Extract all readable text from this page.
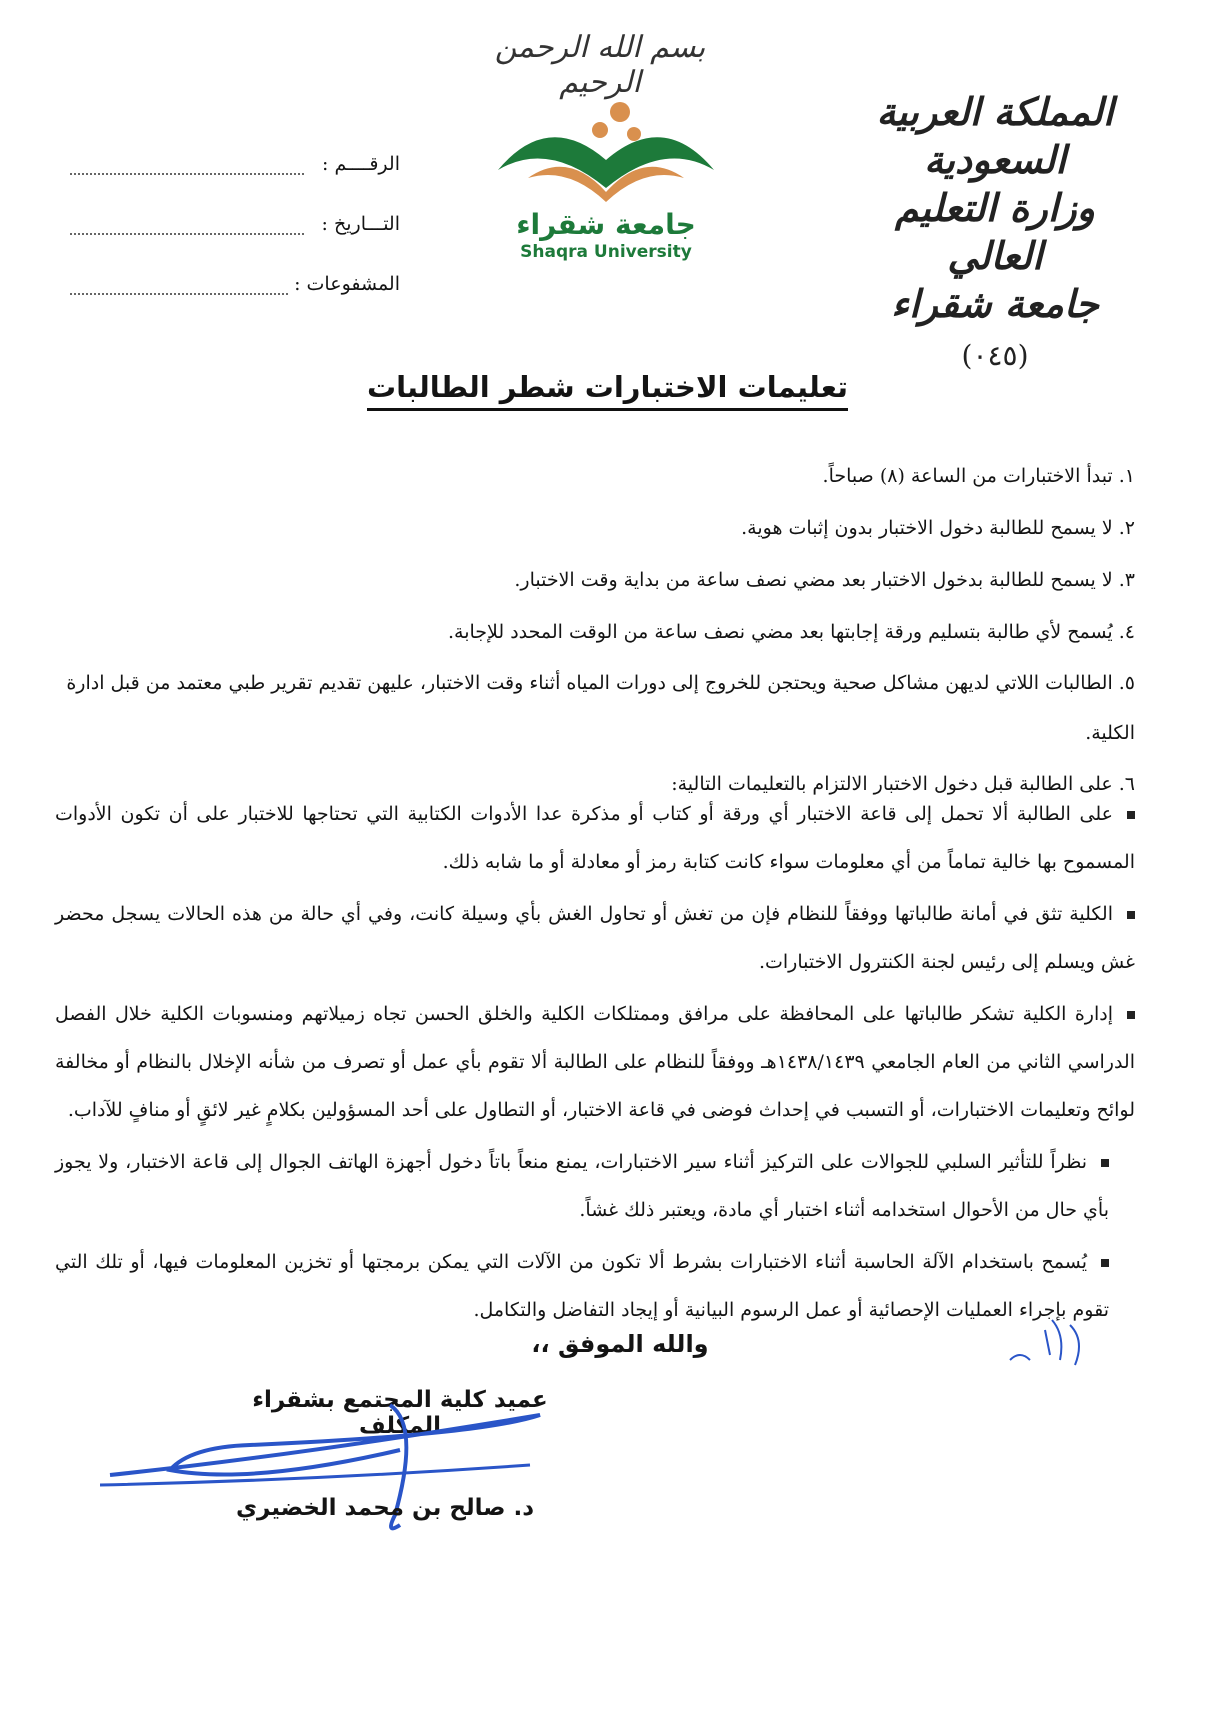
بسم الله الرحمن الرحيم
المملكة العربية السعودية
وزارة التعليم العالي
جامعة شقراء
(٠٤٥)
جامعة شقراء
Shaqra University
الرقــــم :
التـــاريخ :
المشفوعات :
تعليمات الاختبارات شطر الطالبات

١.تبدأ الاختبارات من الساعة (٨) صباحاً.

٢.لا يسمح للطالبة دخول الاختبار بدون إثبات هوية.

٣.لا يسمح للطالبة بدخول الاختبار بعد مضي نصف ساعة من بداية وقت الاختبار.

٤.يُسمح لأي طالبة بتسليم ورقة إجابتها بعد مضي نصف ساعة من الوقت المحدد للإجابة.

٥.الطالبات اللاتي لديهن مشاكل صحية ويحتجن للخروج إلى دورات المياه أثناء وقت الاختبار، عليهن تقديم تقرير طبي معتمد من قبل ادارة الكلية.

٦.على الطالبة قبل دخول الاختبار الالتزام بالتعليمات التالية:

على الطالبة ألا تحمل إلى قاعة الاختبار أي ورقة أو كتاب أو مذكرة عدا الأدوات الكتابية التي تحتاجها للاختبار على أن تكون الأدوات المسموح بها خالية تماماً من أي معلومات سواء كانت كتابة رمز أو معادلة أو ما شابه ذلك.

الكلية تثق في أمانة طالباتها ووفقاً للنظام فإن من تغش أو تحاول الغش بأي وسيلة كانت، وفي أي حالة من هذه الحالات يسجل محضر غش ويسلم إلى رئيس لجنة الكنترول الاختبارات.

إدارة الكلية تشكر طالباتها على المحافظة على مرافق وممتلكات الكلية والخلق الحسن تجاه زميلاتهم ومنسوبات الكلية خلال الفصل الدراسي الثاني من العام الجامعي ١٤٣٨/١٤٣٩هـ ووفقاً للنظام على الطالبة ألا تقوم بأي عمل أو تصرف من شأنه الإخلال بالنظام أو مخالفة لوائح وتعليمات الاختبارات، أو التسبب في إحداث فوضى في قاعة الاختبار، أو التطاول على أحد المسؤولين بكلامٍ غير لائقٍ أو منافٍ للآداب.

نظراً للتأثير السلبي للجوالات على التركيز أثناء سير الاختبارات، يمنع منعاً باتاً دخول أجهزة الهاتف الجوال إلى قاعة الاختبار، ولا يجوز بأي حال من الأحوال استخدامه أثناء اختبار أي مادة، ويعتبر ذلك غشاً.

يُسمح باستخدام الآلة الحاسبة أثناء الاختبارات بشرط ألا تكون من الآلات التي يمكن برمجتها أو تخزين المعلومات فيها، أو تلك التي تقوم بإجراء العمليات الإحصائية أو عمل الرسوم البيانية أو إيجاد التفاضل والتكامل.

والله الموفق ،،
عميد كلية المجتمع بشقراء المكلف
د. صالح بن محمد الخضيري
